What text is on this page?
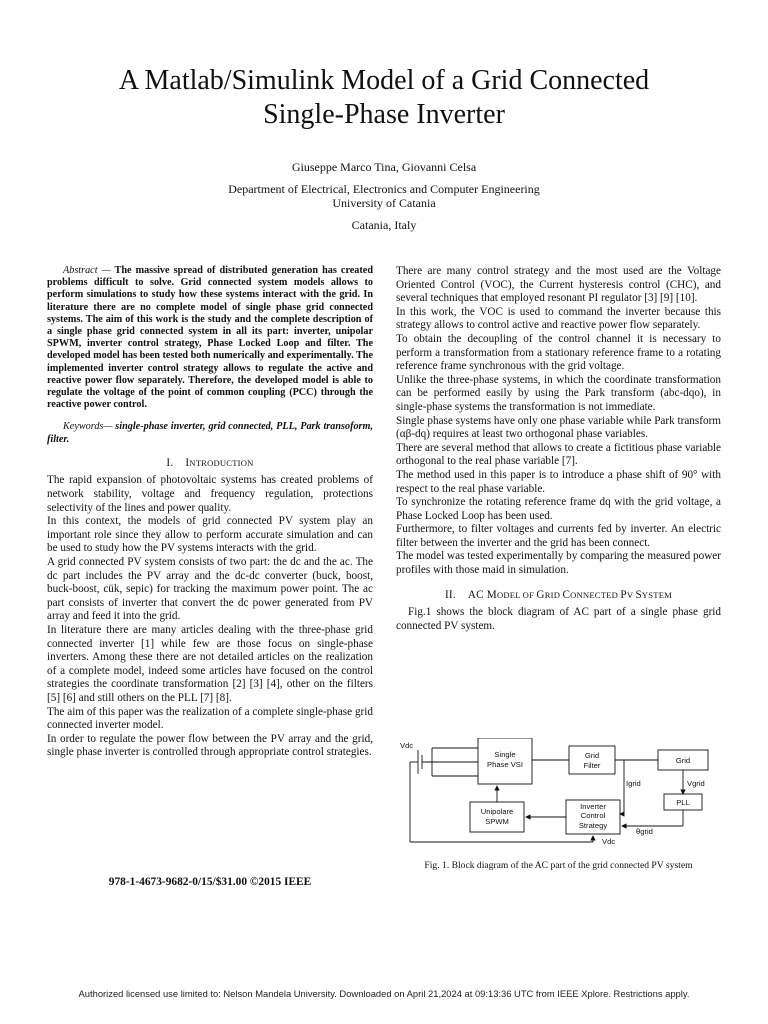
A Matlab/Simulink Model of a Grid Connected
Single-Phase Inverter
Giuseppe Marco Tina, Giovanni Celsa
Department of Electrical, Electronics and Computer Engineering
University of Catania
Catania, Italy

Abstract — The massive spread of distributed generation has created problems difficult to solve. Grid connected system models allows to perform simulations to study how these systems interact with the grid. In literature there are no complete model of single phase grid connected systems. The aim of this work is the study and the complete description of a single phase grid connected system in all its part: inverter, unipolar SPWM, inverter control strategy, Phase Locked Loop and filter. The developed model has been tested both numerically and experimentally. The implemented inverter control strategy allows to regulate the active and reactive power flow separately. Therefore, the developed model is able to regulate the voltage of the point of common coupling (PCC) through the reactive power control.

Keywords— single-phase inverter, grid connected, PLL, Park transoform, filter.

I. INTRODUCTION

The rapid expansion of photovoltaic systems has created problems of network stability, voltage and frequency regulation, protections selectivity of the lines and power quality.

In this context, the models of grid connected PV system play an important role since they allow to perform accurate simulation and can be used to study how the PV systems interacts with the grid.

A grid connected PV system consists of two part: the dc and the ac. The dc part includes the PV array and the dc-dc converter (buck, boost, buck-boost, cük, sepic) for tracking the maximum power point. The ac part consists of inverter that convert the dc power generated from PV array and feed it into the grid.

In literature there are many articles dealing with the three-phase grid connected inverter [1] while few are those focus on single-phase inverters. Among these there are not detailed articles on the realization of a complete model, indeed some articles have focused on the control strategies the coordinate transformation [2] [3] [4], other on the filters [5] [6] and still others on the PLL [7] [8].

The aim of this paper was the realization of a complete single-phase grid connected inverter model.

In order to regulate the power flow between the PV array and the grid, single phase inverter is controlled through appropriate control strategies.

978-1-4673-9682-0/15/$31.00 ©2015 IEEE

There are many control strategy and the most used are the Voltage Oriented Control (VOC), the Current hysteresis control (CHC), and several techniques that employed resonant PI regulator [3] [9] [10].

In this work, the VOC is used to command the inverter because this strategy allows to control active and reactive power flow separately.

To obtain the decoupling of the control channel it is necessary to perform a transformation from a stationary reference frame to a rotating reference frame synchronous with the grid voltage.

Unlike the three-phase systems, in which the coordinate transformation can be performed easily by using the Park transform (abc-dqo), in single-phase systems the transformation is not immediate.

Single phase systems have only one phase variable while Park transform (αβ-dq) requires at least two orthogonal phase variables.

There are several method that allows to create a fictitious phase variable orthogonal to the real phase variable [7].

The method used in this paper is to introduce a phase shift of 90° with respect to the real phase variable.

To synchronize the rotating reference frame dq with the grid voltage, a Phase Locked Loop has been used.

Furthermore, to filter voltages and currents fed by inverter. An electric filter between the inverter and the grid has been connect.

The model was tested experimentally by comparing the measured power profiles with those maid in simulation.

II. AC MODEL OF GRID CONNECTED PV SYSTEM

Fig.1 shows the block diagram of AC part of a single phase grid connected PV system.

Vdc
Single
Phase VSI
Grid
Filter
Grid
Igrid	Vgrid
PLL
Unipolare
SPWM
Inverter
Control
Strategy
θgrid
Vdc
Fig. 1. Block diagram of the AC part of the grid connected PV system
Authorized licensed use limited to: Nelson Mandela University. Downloaded on April 21,2024 at 09:13:36 UTC from IEEE Xplore. Restrictions apply.
